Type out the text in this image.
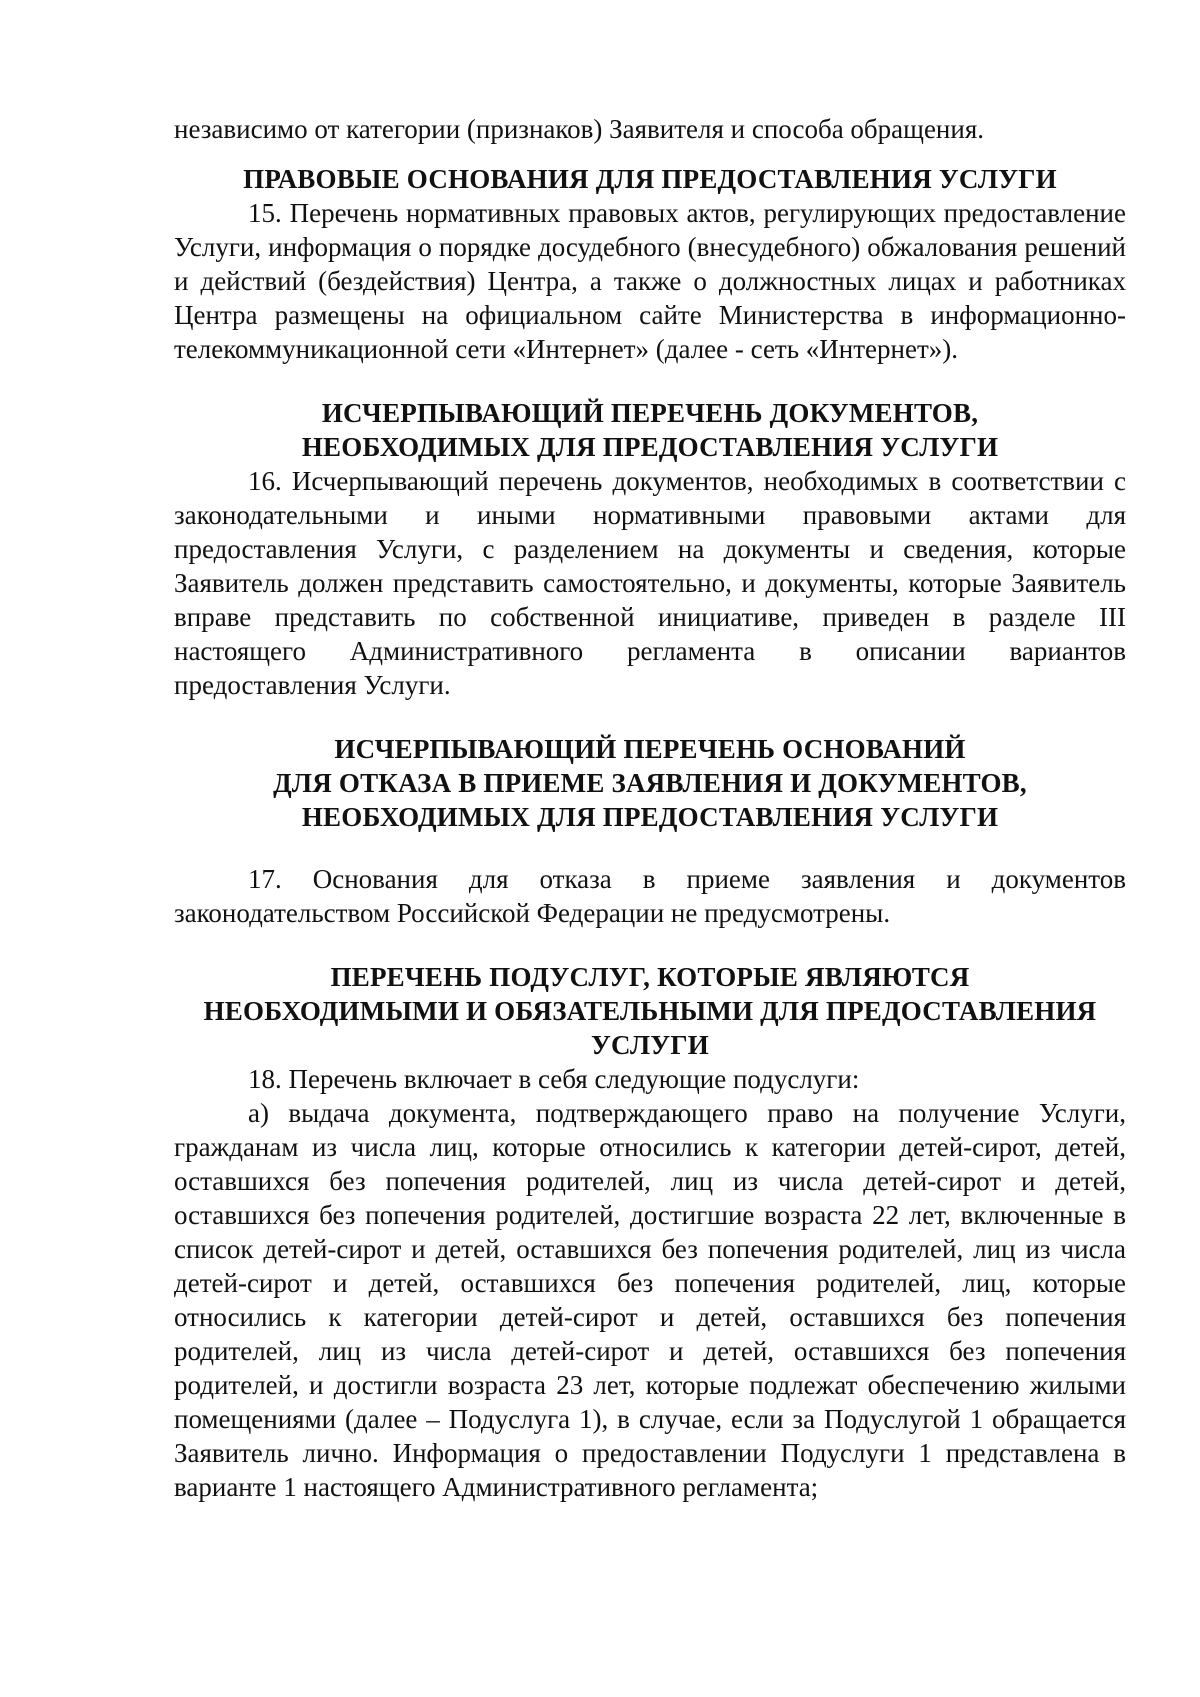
независимо от категории (признаков) Заявителя и способа обращения.

ПРАВОВЫЕ ОСНОВАНИЯ ДЛЯ ПРЕДОСТАВЛЕНИЯ УСЛУГИ

15. Перечень нормативных правовых актов, регулирующих предоставление Услуги, информация о порядке досудебного (внесудебного) обжалования решений и действий (бездействия) Центра, а также о должностных лицах и работниках Центра размещены на официальном сайте Министерства в информационно-телекоммуникационной сети «Интернет» (далее - сеть «Интернет»).

ИСЧЕРПЫВАЮЩИЙ ПЕРЕЧЕНЬ ДОКУМЕНТОВ,
НЕОБХОДИМЫХ ДЛЯ ПРЕДОСТАВЛЕНИЯ УСЛУГИ

16. Исчерпывающий перечень документов, необходимых в соответствии с законодательными и иными нормативными правовыми актами для предоставления Услуги, с разделением на документы и сведения, которые Заявитель должен представить самостоятельно, и документы, которые Заявитель вправе представить по собственной инициативе, приведен в разделе III настоящего Административного регламента в описании вариантов предоставления Услуги.

ИСЧЕРПЫВАЮЩИЙ ПЕРЕЧЕНЬ ОСНОВАНИЙ
ДЛЯ ОТКАЗА В ПРИЕМЕ ЗАЯВЛЕНИЯ И ДОКУМЕНТОВ,
НЕОБХОДИМЫХ ДЛЯ ПРЕДОСТАВЛЕНИЯ УСЛУГИ

17. Основания для отказа в приеме заявления и документов законодательством Российской Федерации не предусмотрены.

ПЕРЕЧЕНЬ ПОДУСЛУГ, КОТОРЫЕ ЯВЛЯЮТСЯ
НЕОБХОДИМЫМИ И ОБЯЗАТЕЛЬНЫМИ ДЛЯ ПРЕДОСТАВЛЕНИЯ
УСЛУГИ

18. Перечень включает в себя следующие подуслуги:

а) выдача документа, подтверждающего право на получение Услуги, гражданам из числа лиц, которые относились к категории детей-сирот, детей, оставшихся без попечения родителей, лиц из числа детей-сирот и детей, оставшихся без попечения родителей, достигшие возраста 22 лет, включенные в список детей-сирот и детей, оставшихся без попечения родителей, лиц из числа детей-сирот и детей, оставшихся без попечения родителей, лиц, которые относились к категории детей-сирот и детей, оставшихся без попечения родителей, лиц из числа детей-сирот и детей, оставшихся без попечения родителей, и достигли возраста 23 лет, которые подлежат обеспечению жилыми помещениями (далее – Подуслуга 1), в случае, если за Подуслугой 1 обращается Заявитель лично. Информация о предоставлении Подуслуги 1 представлена в варианте 1 настоящего Административного регламента;
